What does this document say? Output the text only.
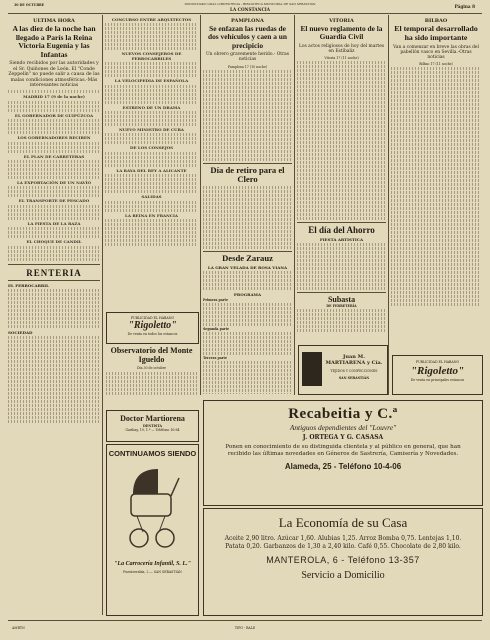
30 DE OCTUBRE	DONOSTIAKO UDAL LIBURUTEGIA - BIBLIOTECA MUNICIPAL DE SAN SEBASTIÁN
LA CONSTANCIA
Página 8
ULTIMA HORA
A las diez de la noche han llegado a París la Reina Victoria Eugenia y las Infantas
Siendo recibidos por las autoridades y el Sr. Quiñones de León. El "Conde Zeppelín" no puede salir a causa de las malas condiciones atmosféricas.-Más interesantes noticias
MADRID 17 (9 de la noche)
EL GOBERNADOR DE GUIPÚZCOA
LOS GOBERNADORES RECIBEN
EL PLAN DE CARRETERAS
LA EXPORTACIÓN DE UN NAVÍO
EL TRANSPORTE DE PESCADO
LA FIESTA DE LA RAZA
EL CHOQUE DE CANDIL
RENTERIA
EL FERROCARRIL
SOCIEDAD
CONCURSO ENTRE ARQUITECTOS
NUEVOS CONSEJEROS DE FERROCARRILES
LA VELOCIPEDIA DE ESPAÑOLA
ESTRENO DE UN DRAMA
NUEVO MINISTRO DE CUBA
DE LOS CONSEJOS
LA RAYA DEL REY A ALICANTE
SALIDAS
LA REINA EN FRANCIA
PUBLICIDAD EL HABANO
"Rigoletto"
De venta en todos los estancos
Observatorio del Monte Igueldo
Día 30 de octubre
Doctor Martiorena
DENTISTA
Garibay, 19, 1.º — Teléfono 16-84
CONTINUAMOS SIENDO
"La Carrocería Infantil, S. L."
Fuenterrabía, 2 — SAN SEBASTIÁN
PAMPLONA
Se enfazan las ruedas de dos vehículos y caen a un precipicio
Un obrero gravemente herido.- Otras noticias
Pamplona 17 (10 noche)
Día de retiro para el Clero
Desde Zarauz
LA GRAN VELADA DE ROSA VIANA
PROGRAMA
Primera parte
Segunda parte
Tercera parte
VITORIA
El nuevo reglamento de la Guardia Civil
Los actos religiosos de hoy del martes en Estíbaliz
Vitoria 17 (11 noche)
El día del Ahorro
FIESTA ARTISTICA
Subasta
DE FERRETERÍA
Juan M. MARTIARENA y Cía.
TEJIDOS Y CONFECCIONES
SAN SEBASTIÁN
BILBAO
El temporal desarrollado ha sido importante
Van a comenzar en breve las obras del pabellón vasco en Sevilla.-Otras noticias
Bilbao 17 (11 noche)
PUBLICIDAD EL HABANO
"Rigoletto"
De venta en principales estancos
Recabeitia y C.ª
Antiguos dependientes del "Louvre"
J. ORTEGA Y G. CASASA
Ponen en conocimiento de su distinguida clientela y al público en general, que han recibido las últimas novedades en Géneros de Sastrería, Camisería y Novedades.
Alameda, 25 - Teléfono 10-4-06
La Economía de su Casa
Aceite 2,90 litro. Azúcar 1,60. Alubias 1,25. Arroz Bomba 0,75. Lentejas 1,10. Patata 0,20. Garbanzos de 1,30 a 2,40 kilo. Café 0,55. Chocolate de 2,80 kilo.
MANTEROLA, 6 - Teléfono 13-357
Servicio a Domicilio
AMRTN	TIPO - BALE
